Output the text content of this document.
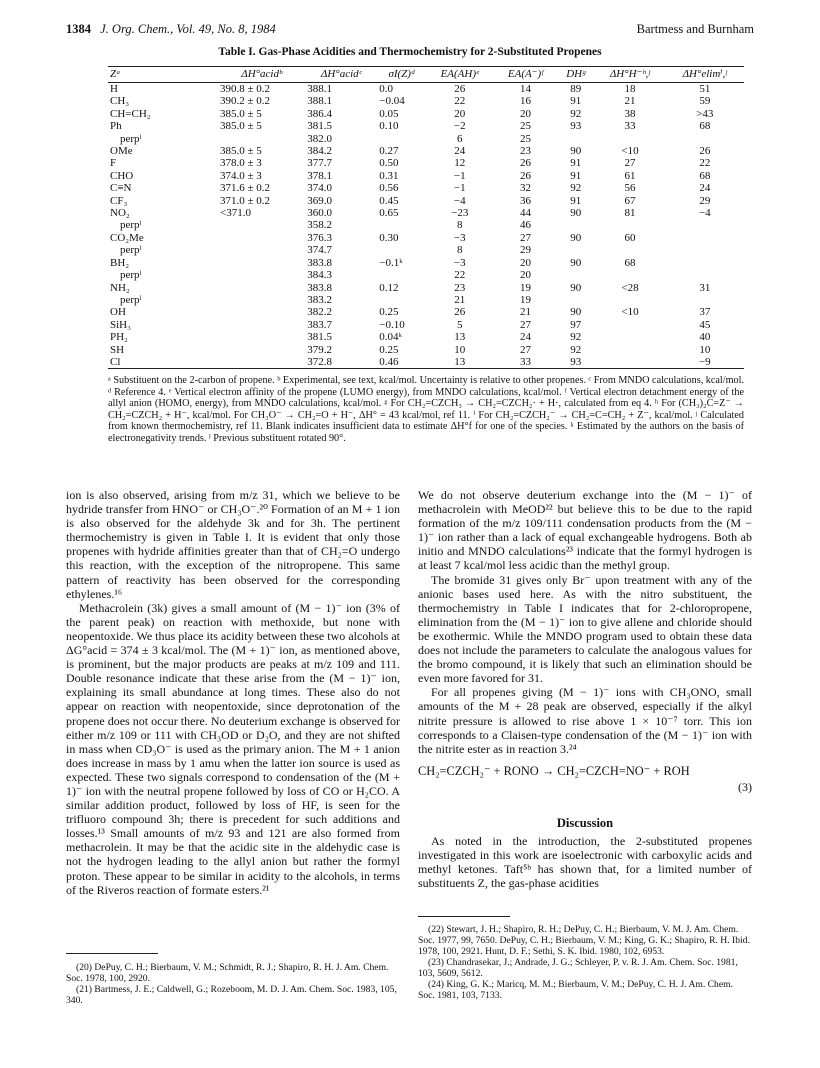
1384 J. Org. Chem., Vol. 49, No. 8, 1984	Bartmess and Burnham
Table I. Gas-Phase Acidities and Thermochemistry for 2-Substituted Propenes
Zᵃ	ΔH°acidᵇ	ΔH°acidᶜ	σI(Z)ᵈ	EA(AH)ᵉ	EA(A⁻)ᶠ	DHᵍ	ΔH°H⁻ʰ,ʲ	ΔH°elimⁱ,ʲ
H	390.8 ± 0.2	388.1	0.0	26	14	89	18	51
CH₃	390.2 ± 0.2	388.1	−0.04	22	16	91	21	59
CH=CH₂	385.0 ± 5	386.4	0.05	20	20	92	38	>43
Ph	385.0 ± 5	381.5	0.10	−2	25	93	33	68
perpˡ		382.0		6	25			
OMe	385.0 ± 5	384.2	0.27	24	23	90	<10	26
F	378.0 ± 3	377.7	0.50	12	26	91	27	22
CHO	374.0 ± 3	378.1	0.31	−1	26	91	61	68
C≡N	371.6 ± 0.2	374.0	0.56	−1	32	92	56	24
CF₃	371.0 ± 0.2	369.0	0.45	−4	36	91	67	29
NO₂	<371.0	360.0	0.65	−23	44	90	81	−4
perpˡ		358.2		8	46			
CO₂Me		376.3	0.30	−3	27	90	60	
perpˡ		374.7		8	29			
BH₂		383.8	−0.1ᵏ	−3	20	90	68	
perpˡ		384.3		22	20			
NH₂		383.8	0.12	23	19	90	<28	31
perpˡ		383.2		21	19			
OH		382.2	0.25	26	21	90	<10	37
SiH₃		383.7	−0.10	5	27	97		45
PH₂		381.5	0.04ᵏ	13	24	92		40
SH		379.2	0.25	10	27	92		10
Cl		372.8	0.46	13	33	93		−9
ᵃ Substituent on the 2-carbon of propene. ᵇ Experimental, see text, kcal/mol. Uncertainty is relative to other propenes. ᶜ From MNDO calculations, kcal/mol. ᵈ Reference 4. ᵉ Vertical electron affinity of the propene (LUMO energy), from MNDO calculations, kcal/mol. ᶠ Vertical electron detachment energy of the allyl anion (HOMO, energy), from MNDO calculations, kcal/mol. ᵍ For CH₂=CZCH₃ → CH₂=CZCH₂· + H·, calculated from eq 4. ʰ For (CH₃)₂C=Z⁻ → CH₂=CZCH₂ + H⁻, kcal/mol. For CH₃O⁻ → CH₂=O + H⁻, ΔH° = 43 kcal/mol, ref 11. ⁱ For CH₂=CZCH₂⁻ → CH₂=C=CH₂ + Z⁻, kcal/mol. ʲ Calculated from known thermochemistry, ref 11. Blank indicates insufficient data to estimate ΔH°f for one of the species. ᵏ Estimated by the authors on the basis of electronegativity trends. ˡ Previous substituent rotated 90°.

ion is also observed, arising from m/z 31, which we believe to be hydride transfer from HNO⁻ or CH₃O⁻.²⁰ Formation of an M + 1 ion is also observed for the aldehyde 3k and for 3h. The pertinent thermochemistry is given in Table I. It is evident that only those propenes with hydride affinities greater than that of CH₂=O undergo this reaction, with the exception of the nitropropene. This same pattern of reactivity has been observed for the corresponding ethylenes.¹⁶

Methacrolein (3k) gives a small amount of (M − 1)⁻ ion (3% of the parent peak) on reaction with methoxide, but none with neopentoxide. We thus place its acidity between these two alcohols at ΔG°acid = 374 ± 3 kcal/mol. The (M + 1)⁻ ion, as mentioned above, is prominent, but the major products are peaks at m/z 109 and 111. Double resonance indicate that these arise from the (M − 1)⁻ ion, explaining its small abundance at long times. These also do not appear on reaction with neopentoxide, since deprotonation of the propene does not occur there. No deuterium exchange is observed for either m/z 109 or 111 with CH₃OD or D₂O, and they are not shifted in mass when CD₃O⁻ is used as the primary anion. The M + 1 anion does increase in mass by 1 amu when the latter ion source is used as expected. These two signals correspond to condensation of the (M + 1)⁻ ion with the neutral propene followed by loss of CO or H₂CO. A similar addition product, followed by loss of HF, is seen for the trifluoro compound 3h; there is precedent for such additions and losses.¹³ Small amounts of m/z 93 and 121 are also formed from methacrolein. It may be that the acidic site in the aldehydic case is not the hydrogen leading to the allyl anion but rather the formyl proton. These appear to be similar in acidity to the alcohols, in terms of the Riveros reaction of formate esters.²¹

(20) DePuy, C. H.; Bierbaum, V. M.; Schmidt, R. J.; Shapiro, R. H. J. Am. Chem. Soc. 1978, 100, 2920.

(21) Bartmess, J. E.; Caldwell, G.; Rozeboom, M. D. J. Am. Chem. Soc. 1983, 105, 340.

We do not observe deuterium exchange into the (M − 1)⁻ of methacrolein with MeOD²² but believe this to be due to the rapid formation of the m/z 109/111 condensation products from the (M − 1)⁻ ion rather than a lack of equal exchangeable hydrogens. Both ab initio and MNDO calculations²³ indicate that the formyl hydrogen is at least 7 kcal/mol less acidic than the methyl group.

The bromide 31 gives only Br⁻ upon treatment with any of the anionic bases used here. As with the nitro substituent, the thermochemistry in Table I indicates that for 2-chloropropene, elimination from the (M − 1)⁻ ion to give allene and chloride should be exothermic. While the MNDO program used to obtain these data does not include the parameters to calculate the analogous values for the bromo compound, it is likely that such an elimination should be even more favored for 31.

For all propenes giving (M − 1)⁻ ions with CH₃ONO, small amounts of the M + 28 peak are observed, especially if the alkyl nitrite pressure is allowed to rise above 1 × 10⁻⁷ torr. This ion corresponds to a Claisen-type condensation of the (M − 1)⁻ ion with the nitrite ester as in reaction 3.²⁴

CH₂=CZCH₂⁻ + RONO → CH₂=CZCH=NO⁻ + ROH
(3)
Discussion

As noted in the introduction, the 2-substituted propenes investigated in this work are isoelectronic with carboxylic acids and methyl ketones. Taft⁵ᵇ has shown that, for a limited number of substituents Z, the gas-phase acidities

(22) Stewart, J. H.; Shapiro, R. H.; DePuy, C. H.; Bierbaum, V. M. J. Am. Chem. Soc. 1977, 99, 7650. DePuy, C. H.; Bierbaum, V. M.; King, G. K.; Shapiro, R. H. Ibid. 1978, 100, 2921. Hunt, D. F.; Sethi, S. K. Ibid. 1980, 102, 6953.

(23) Chandrasekar, J.; Andrade, J. G.; Schleyer, P. v. R. J. Am. Chem. Soc. 1981, 103, 5609, 5612.

(24) King, G. K.; Maricq, M. M.; Bierbaum, V. M.; DePuy, C. H. J. Am. Chem. Soc. 1981, 103, 7133.
